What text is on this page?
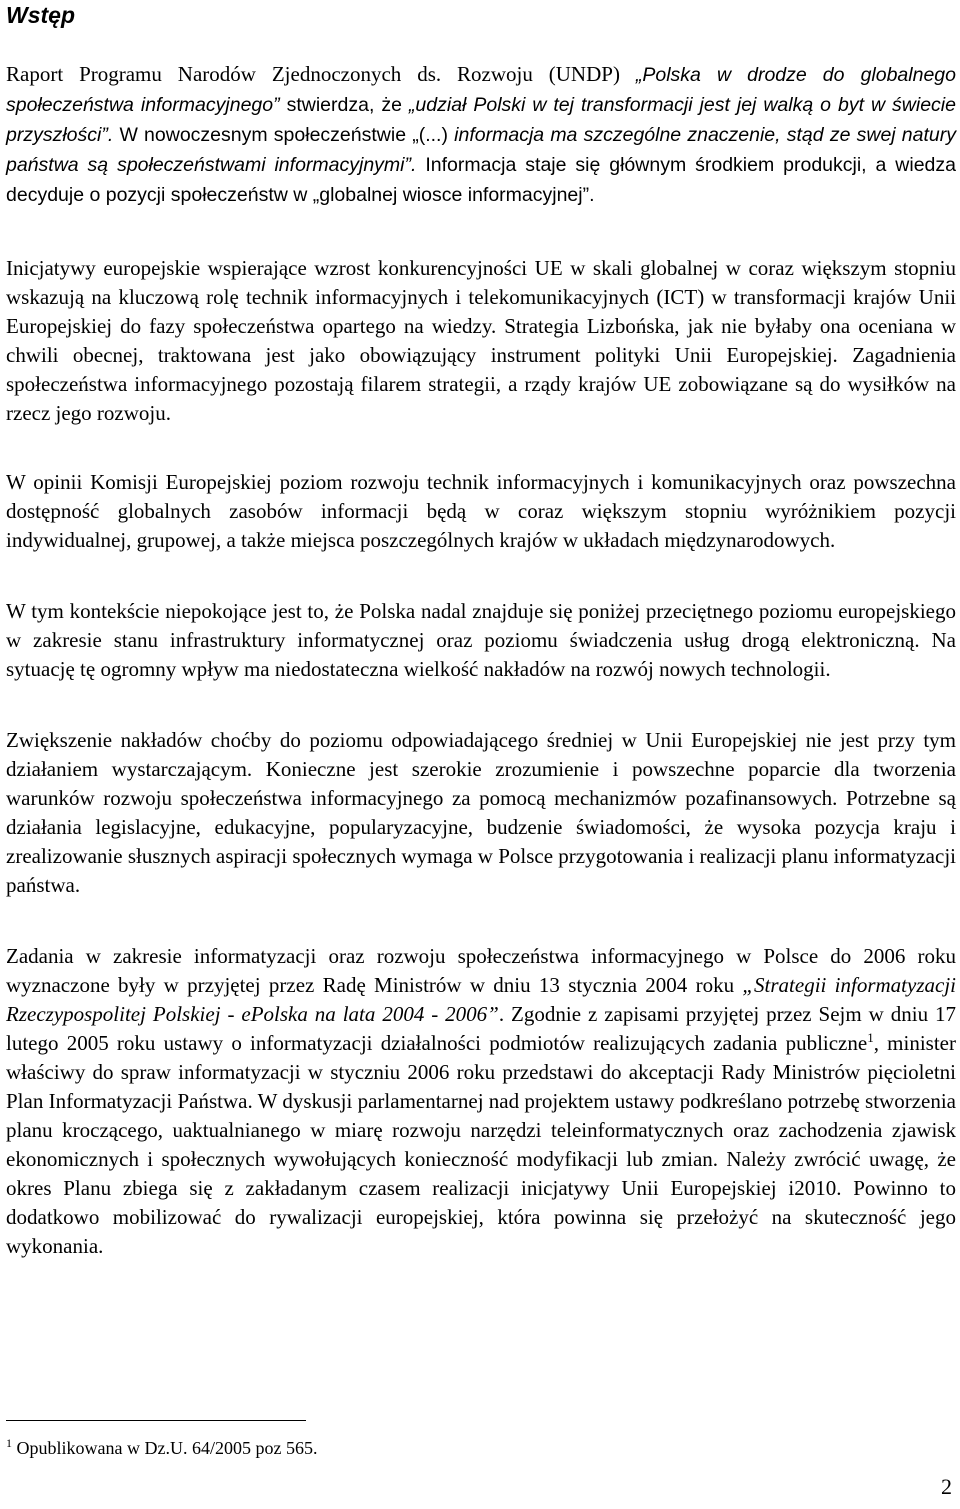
Wstęp

Raport Programu Narodów Zjednoczonych ds. Rozwoju (UNDP) „Polska w drodze do globalnego społeczeństwa informacyjnego” stwierdza, że „udział Polski w tej transformacji jest jej walką o byt w świecie przyszłości”. W nowoczesnym społeczeństwie „(...) informacja ma szczególne znaczenie, stąd ze swej natury państwa są społeczeństwami informacyjnymi”. Informacja staje się głównym środkiem produkcji, a wiedza decyduje o pozycji społeczeństw w „globalnej wiosce informacyjnej”.

Inicjatywy europejskie wspierające wzrost konkurencyjności UE w skali globalnej w coraz większym stopniu wskazują na kluczową rolę technik informacyjnych i telekomunikacyjnych (ICT) w transformacji krajów Unii Europejskiej do fazy społeczeństwa opartego na wiedzy. Strategia Lizbońska, jak nie byłaby ona oceniana w chwili obecnej, traktowana jest jako obowiązujący instrument polityki Unii Europejskiej. Zagadnienia społeczeństwa informacyjnego pozostają filarem strategii, a rządy krajów UE zobowiązane są do wysiłków na rzecz jego rozwoju.

W opinii Komisji Europejskiej poziom rozwoju technik informacyjnych i komunikacyjnych oraz powszechna dostępność globalnych zasobów informacji będą w coraz większym stopniu wyróżnikiem pozycji indywidualnej, grupowej, a także miejsca poszczególnych krajów w układach międzynarodowych.

W tym kontekście niepokojące jest to, że Polska nadal znajduje się poniżej przeciętnego poziomu europejskiego w zakresie stanu infrastruktury informatycznej oraz poziomu świadczenia usług drogą elektroniczną. Na sytuację tę ogromny wpływ ma niedostateczna wielkość nakładów na rozwój nowych technologii.

Zwiększenie nakładów choćby do poziomu odpowiadającego średniej w Unii Europejskiej nie jest przy tym działaniem wystarczającym. Konieczne jest szerokie zrozumienie i powszechne poparcie dla tworzenia warunków rozwoju społeczeństwa informacyjnego za pomocą mechanizmów pozafinansowych. Potrzebne są działania legislacyjne, edukacyjne, popularyzacyjne, budzenie świadomości, że wysoka pozycja kraju i zrealizowanie słusznych aspiracji społecznych wymaga w Polsce przygotowania i realizacji planu informatyzacji państwa.

Zadania w zakresie informatyzacji oraz rozwoju społeczeństwa informacyjnego w Polsce do 2006 roku wyznaczone były w przyjętej przez Radę Ministrów w dniu 13 stycznia 2004 roku „Strategii informatyzacji Rzeczypospolitej Polskiej - ePolska na lata 2004 - 2006”. Zgodnie z zapisami przyjętej przez Sejm w dniu 17 lutego 2005 roku ustawy o informatyzacji działalności podmiotów realizujących zadania publiczne$^1$, minister właściwy do spraw informatyzacji w styczniu 2006 roku przedstawi do akceptacji Rady Ministrów pięcioletni Plan Informatyzacji Państwa. W dyskusji parlamentarnej nad projektem ustawy podkreślano potrzebę stworzenia planu kroczącego, uaktualnianego w miarę rozwoju narzędzi teleinformatycznych oraz zachodzenia zjawisk ekonomicznych i społecznych wywołujących konieczność modyfikacji lub zmian. Należy zwrócić uwagę, że okres Planu zbiega się z zakładanym czasem realizacji inicjatywy Unii Europejskiej i2010. Powinno to dodatkowo mobilizować do rywalizacji europejskiej, która powinna się przełożyć na skuteczność jego wykonania.

$^1$ Opublikowana w Dz.U. 64/2005 poz 565.

2
